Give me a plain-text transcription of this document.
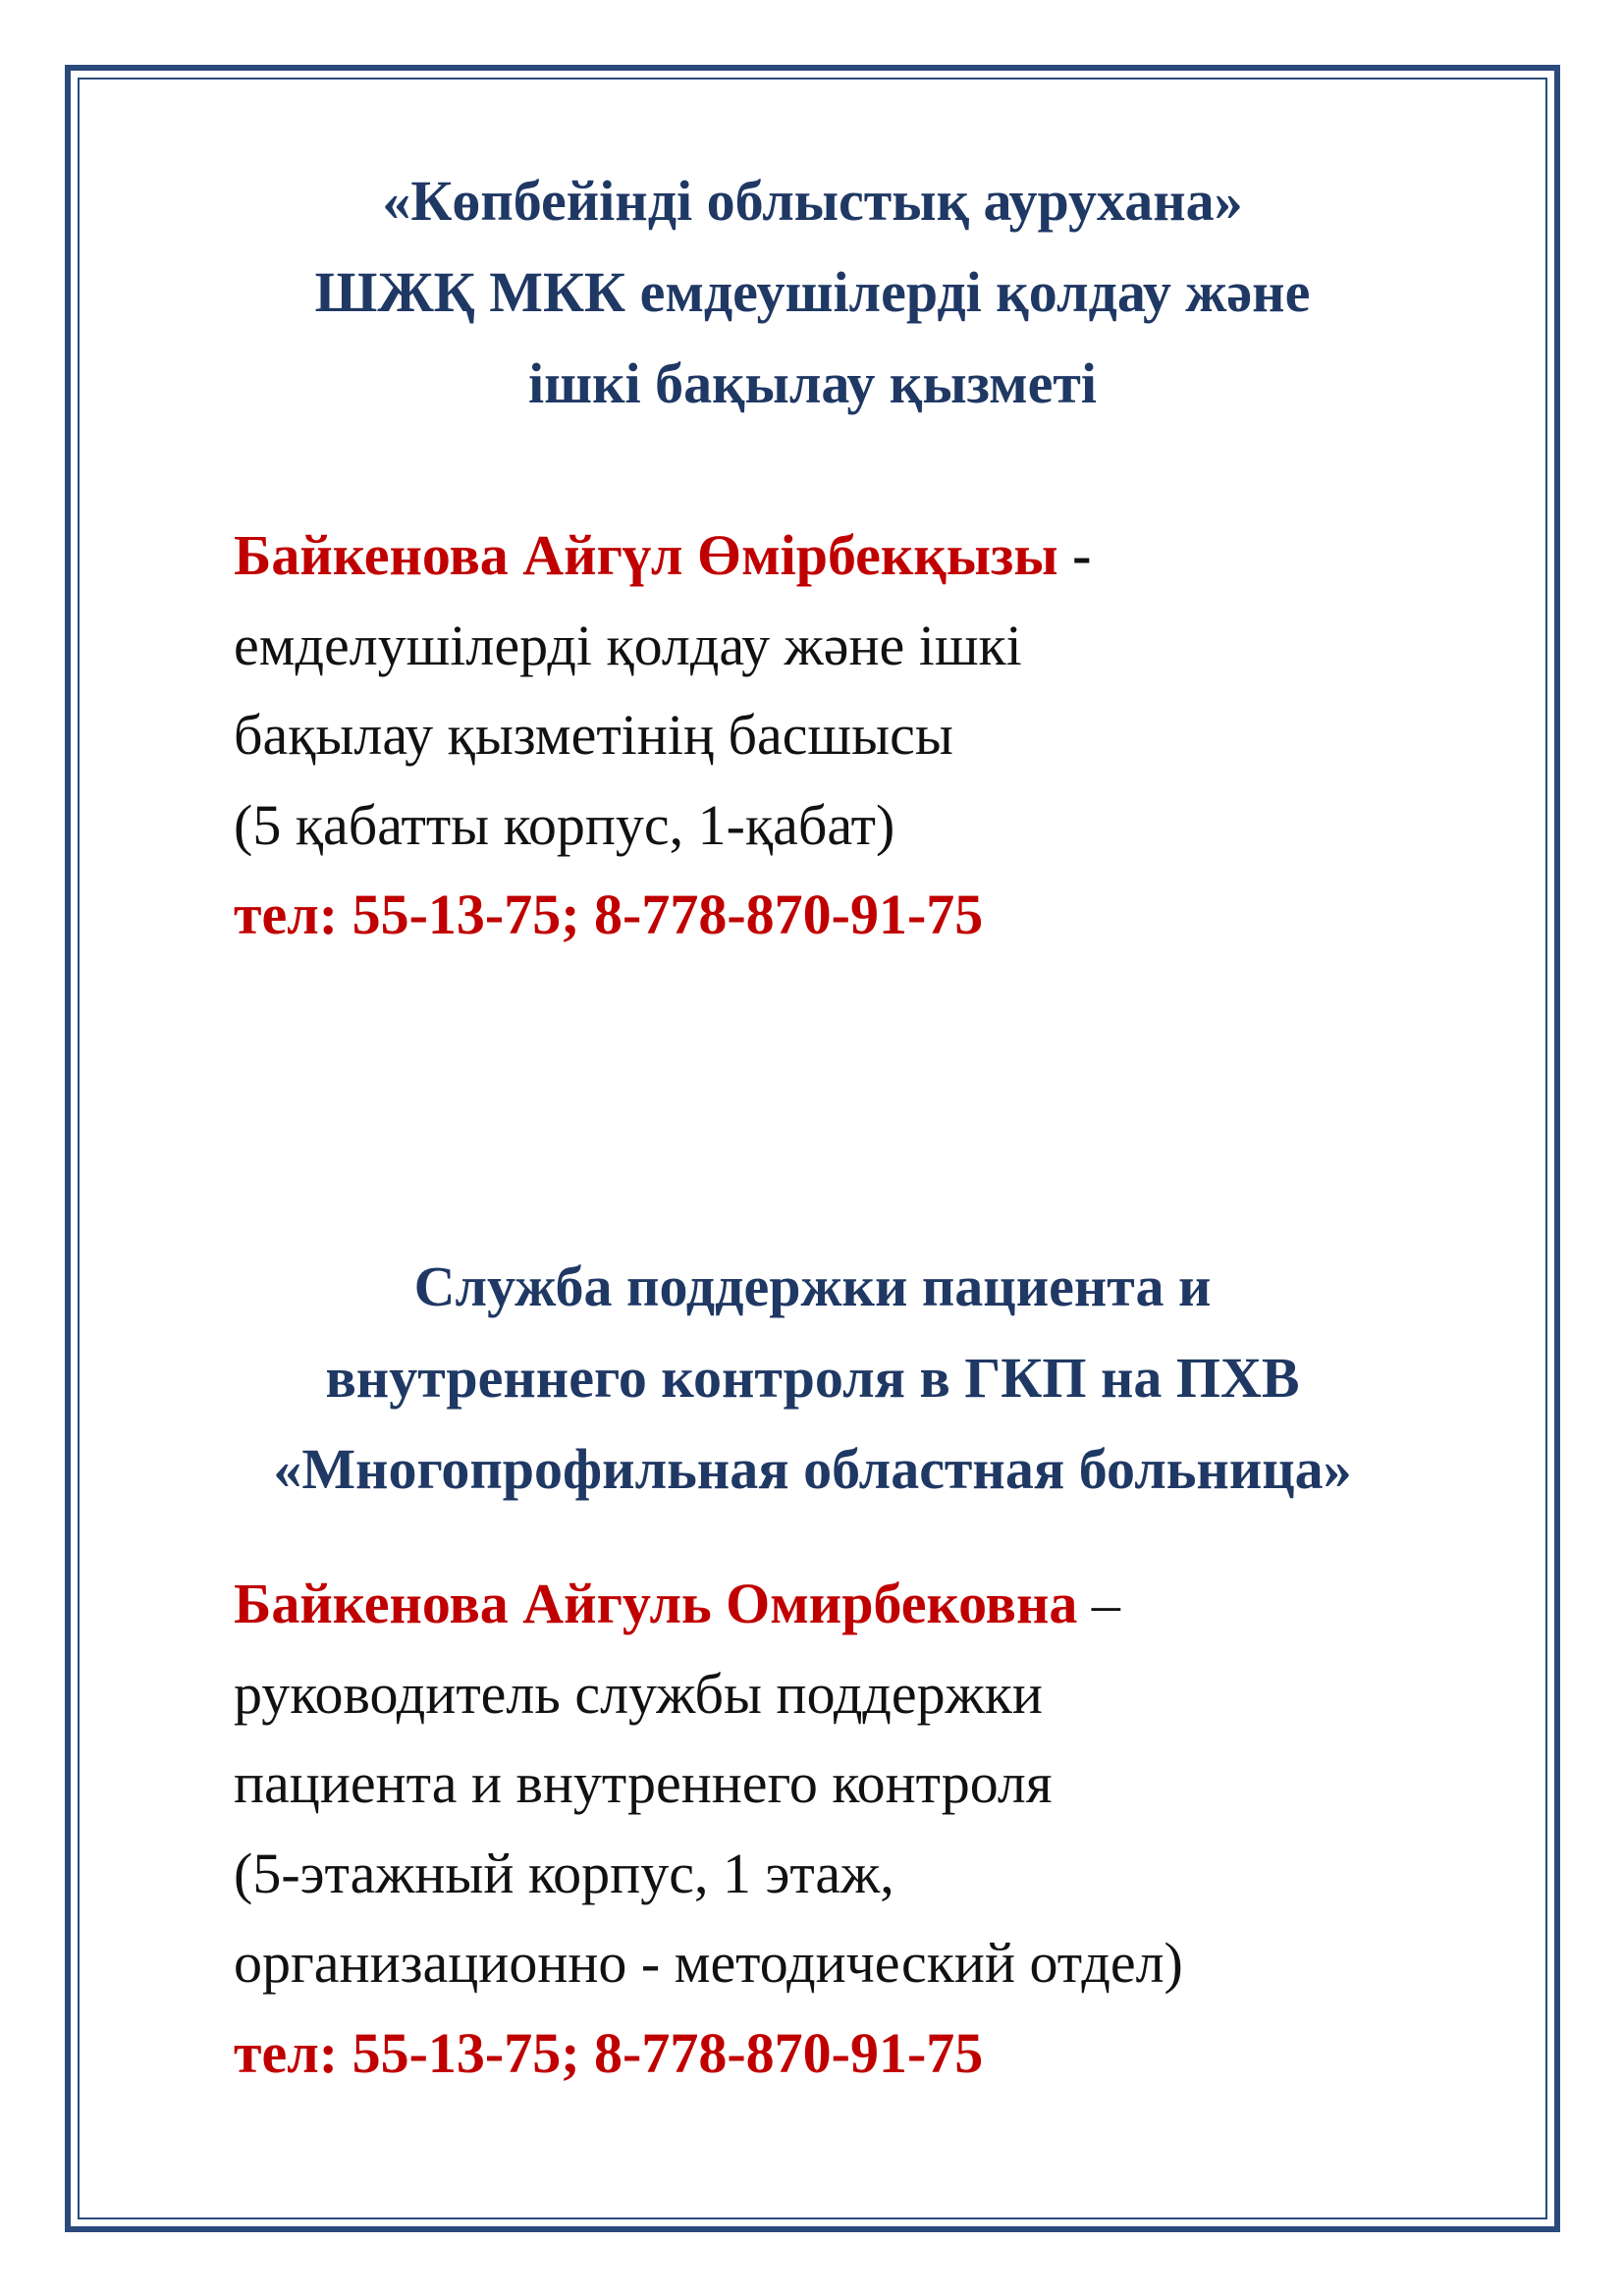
«Көпбейінді облыстық аурухана»
ШЖҚ МКК емдеушілерді қолдау және
ішкі бақылау қызметі
Байкенова Айгүл Өмірбекқызы -
емделушілерді қолдау және ішкі
бақылау қызметінің басшысы
(5 қабатты корпус, 1-қабат)
тел: 55-13-75; 8-778-870-91-75
Служба поддержки пациента и
внутреннего контроля в ГКП на ПХВ
«Многопрофильная областная больница»
Байкенова Айгуль Омирбековна –
руководитель службы поддержки
пациента и внутреннего контроля
(5-этажный корпус, 1 этаж,
организационно - методический отдел)
тел: 55-13-75; 8-778-870-91-75
